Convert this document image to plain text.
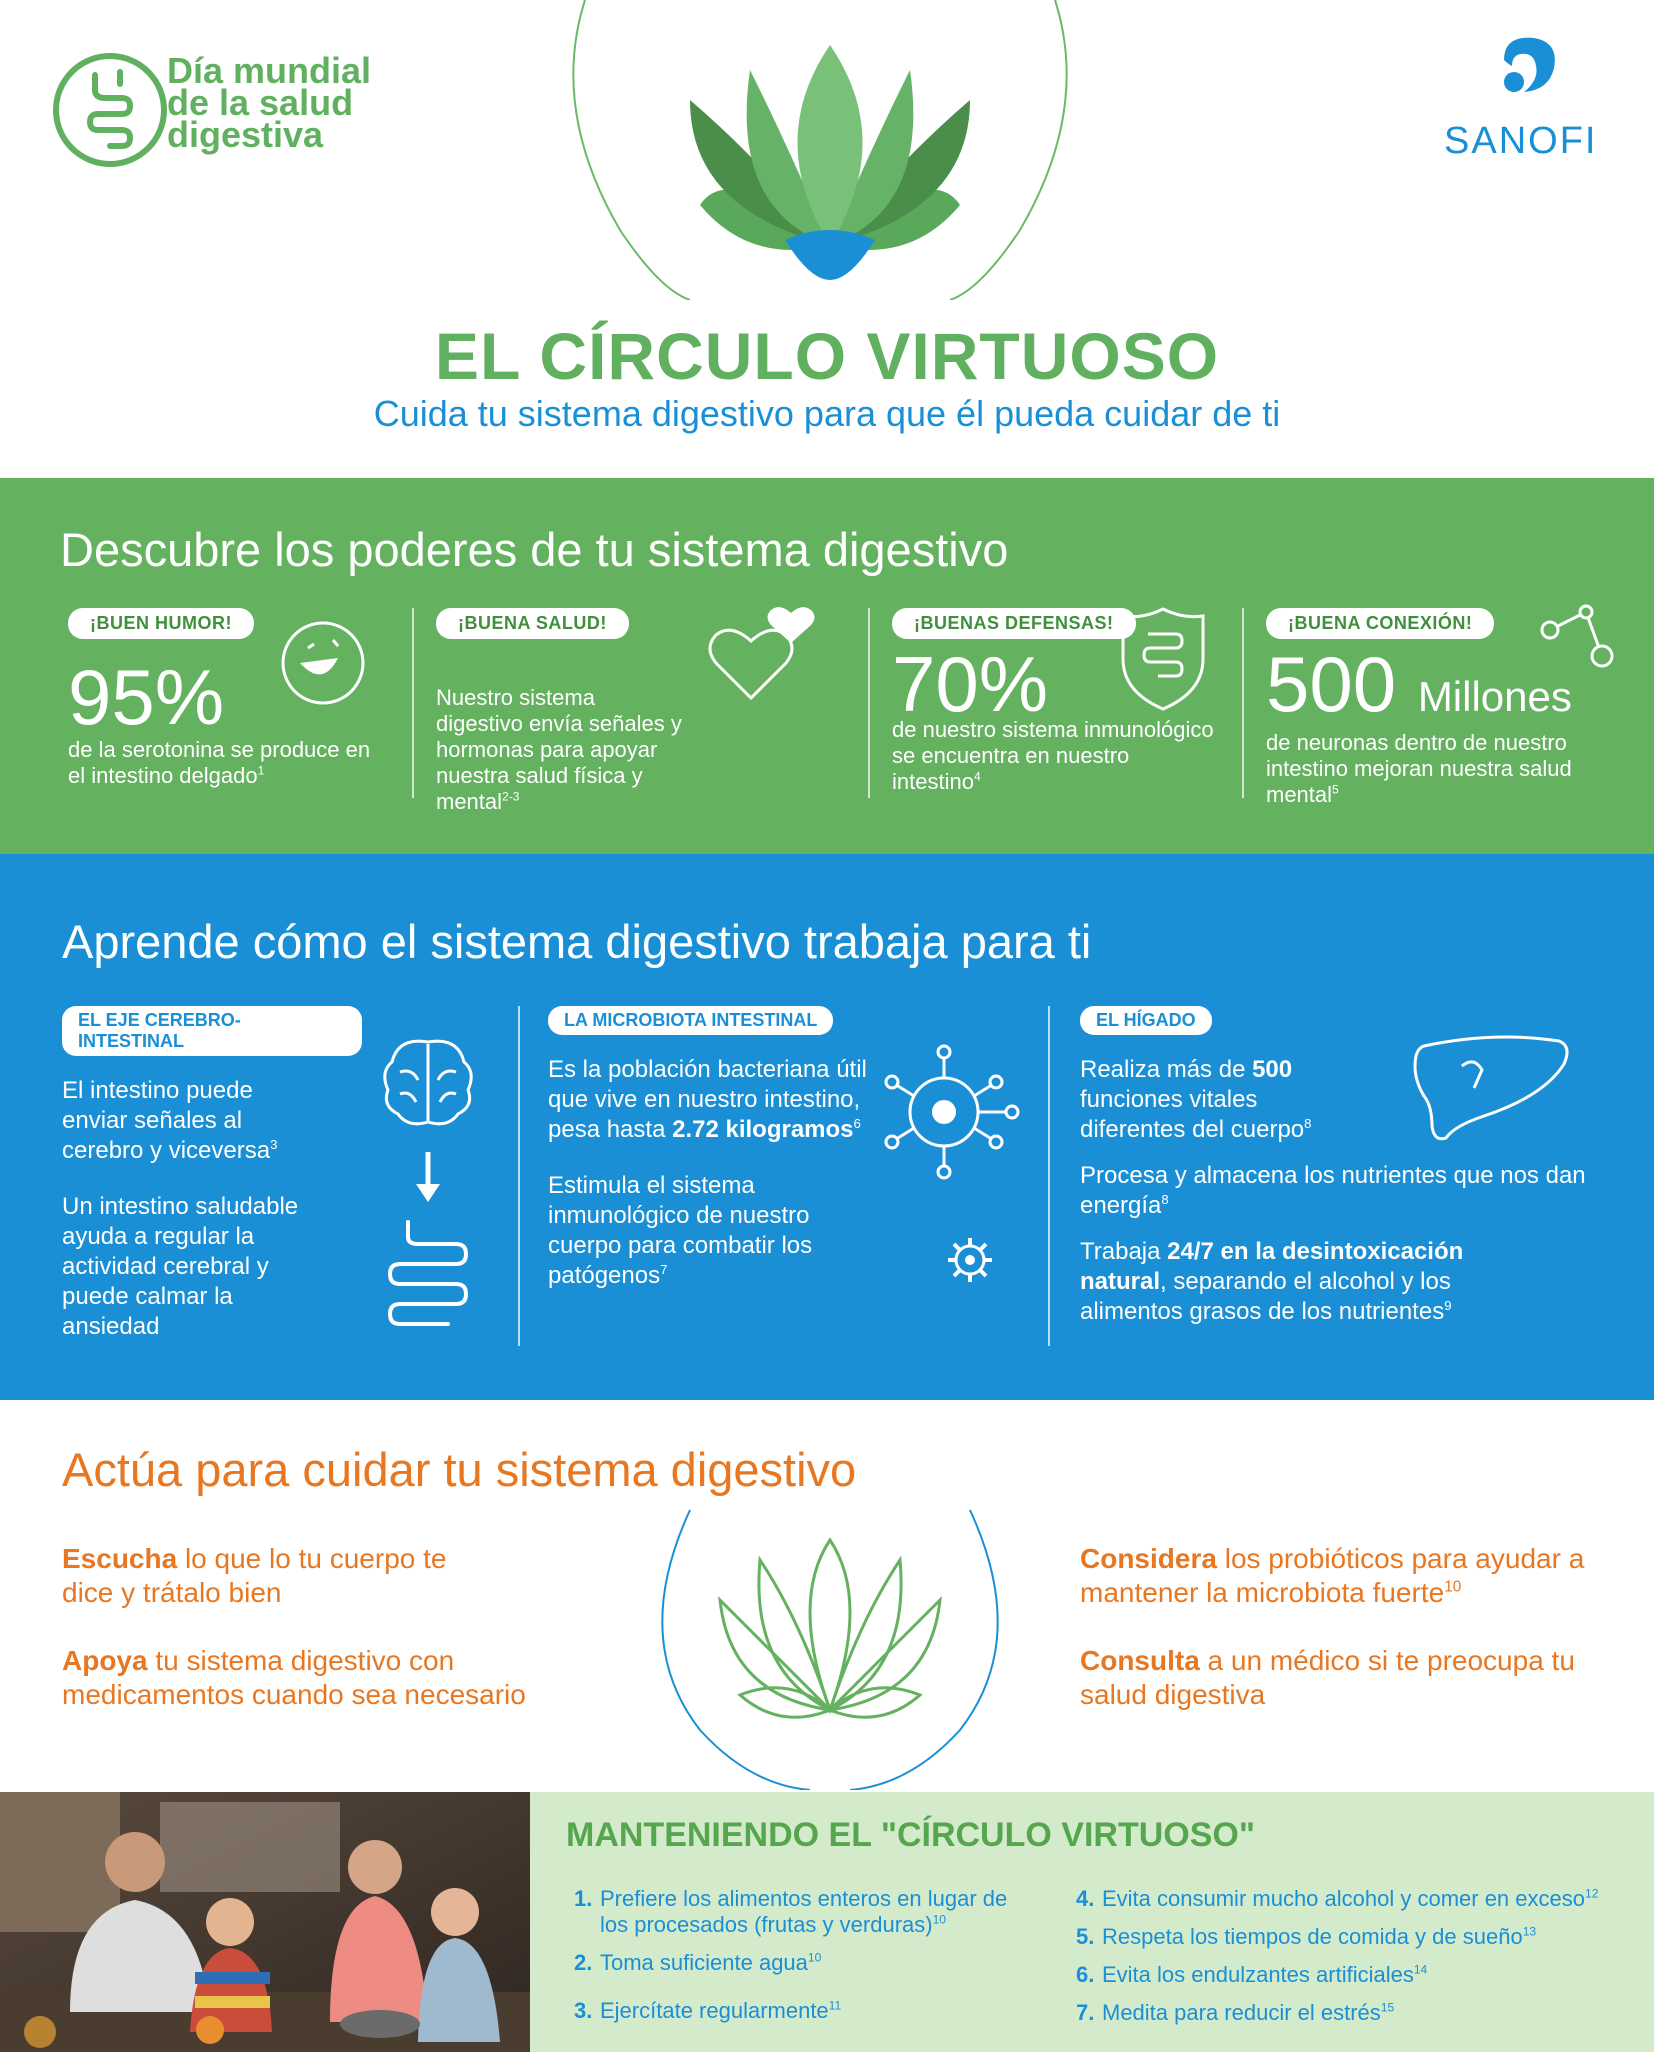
Día mundial
de la salud
digestiva	SANOFI
EL CÍRCULO VIRTUOSO
Cuida tu sistema digestivo para que él pueda cuidar de ti
Descubre los poderes de tu sistema digestivo
¡BUEN HUMOR!
95%
de la serotonina se produce en el intestino delgado$^1$
¡BUENA SALUD!
Nuestro sistema digestivo envía señales y hormonas para apoyar nuestra salud física y mental$^{2-3}$
¡BUENAS DEFENSAS!
70%
de nuestro sistema inmunológico se encuentra en nuestro intestino$^4$
¡BUENA CONEXIÓN!
500 Millones
de neuronas dentro de nuestro intestino mejoran nuestra salud mental$^5$
Aprende cómo el sistema digestivo trabaja para ti
EL EJE CEREBRO-INTESTINAL
El intestino puede enviar señales al cerebro y viceversa$^3$
Un intestino saludable ayuda a regular la actividad cerebral y puede calmar la ansiedad
LA MICROBIOTA INTESTINAL
Es la población bacteriana útil que vive en nuestro intestino, pesa hasta 2.72 kilogramos$^6$
Estimula el sistema inmunológico de nuestro cuerpo para combatir los patógenos$^7$
EL HÍGADO
Realiza más de 500 funciones vitales diferentes del cuerpo$^8$
Procesa y almacena los nutrientes que nos dan energía$^8$
Trabaja 24/7 en la desintoxicación natural, separando el alcohol y los alimentos grasos de los nutrientes$^9$
Actúa para cuidar tu sistema digestivo
Escucha lo que lo tu cuerpo te dice y trátalo bien
Apoya tu sistema digestivo con medicamentos cuando sea necesario
Considera los probióticos para ayudar a mantener la microbiota fuerte$^{10}$
Consulta a un médico si te preocupa tu salud digestiva
MANTENIENDO EL "CÍRCULO VIRTUOSO"
1. Prefiere los alimentos enteros en lugar de los procesados (frutas y verduras)$^{10}$
2. Toma suficiente agua$^{10}$
3. Ejercítate regularmente$^{11}$
4. Evita consumir mucho alcohol y comer en exceso$^{12}$
5. Respeta los tiempos de comida y de sueño$^{13}$
6. Evita los endulzantes artificiales$^{14}$
7. Medita para reducir el estrés$^{15}$
